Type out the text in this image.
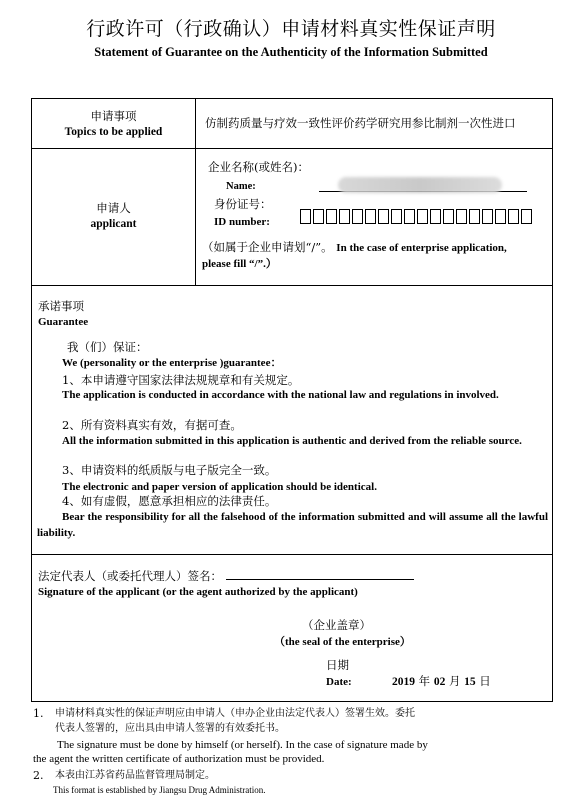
行政许可（行政确认）申请材料真实性保证声明
Statement of Guarantee on the Authenticity of the Information Submitted
申请事项
Topics to be applied
仿制药质量与疗效一致性评价药学研究用参比制剂一次性进口
申请人
applicant
企业名称(或姓名)：
Name:
身份证号：
ID number:
（如属于企业申请划“/”。 In the case of enterprise application,
please fill “/”.）
承诺事项
Guarantee
我（们）保证：
We (personality or the enterprise )guarantee：
1、本申请遵守国家法律法规规章和有关规定。
The application is conducted in accordance with the national law and regulations in involved.
2、所有资料真实有效，有据可查。
All the information submitted in this application is authentic and derived from the reliable source.
3、申请资料的纸质版与电子版完全一致。
The electronic and paper version of application should be identical.
4、如有虚假，愿意承担相应的法律责任。
Bear the responsibility for all the falsehood of the information submitted and will assume all the lawful liability.
法定代表人（或委托代理人）签名：
Signature of the applicant (or the agent authorized by the applicant)
（企业盖章）
（the seal of the enterprise）
日期
Date:	2019 年 02 月 15 日
1. 申请材料真实性的保证声明应由申请人（申办企业由法定代表人）签署生效。委托
代表人签署的，应出具由申请人签署的有效委托书。
The signature must be done by himself (or herself). In the case of signature made by
the agent the written certificate of authorization must be provided.
2. 本表由江苏省药品监督管理局制定。
This format is established by Jiangsu Drug Administration.
